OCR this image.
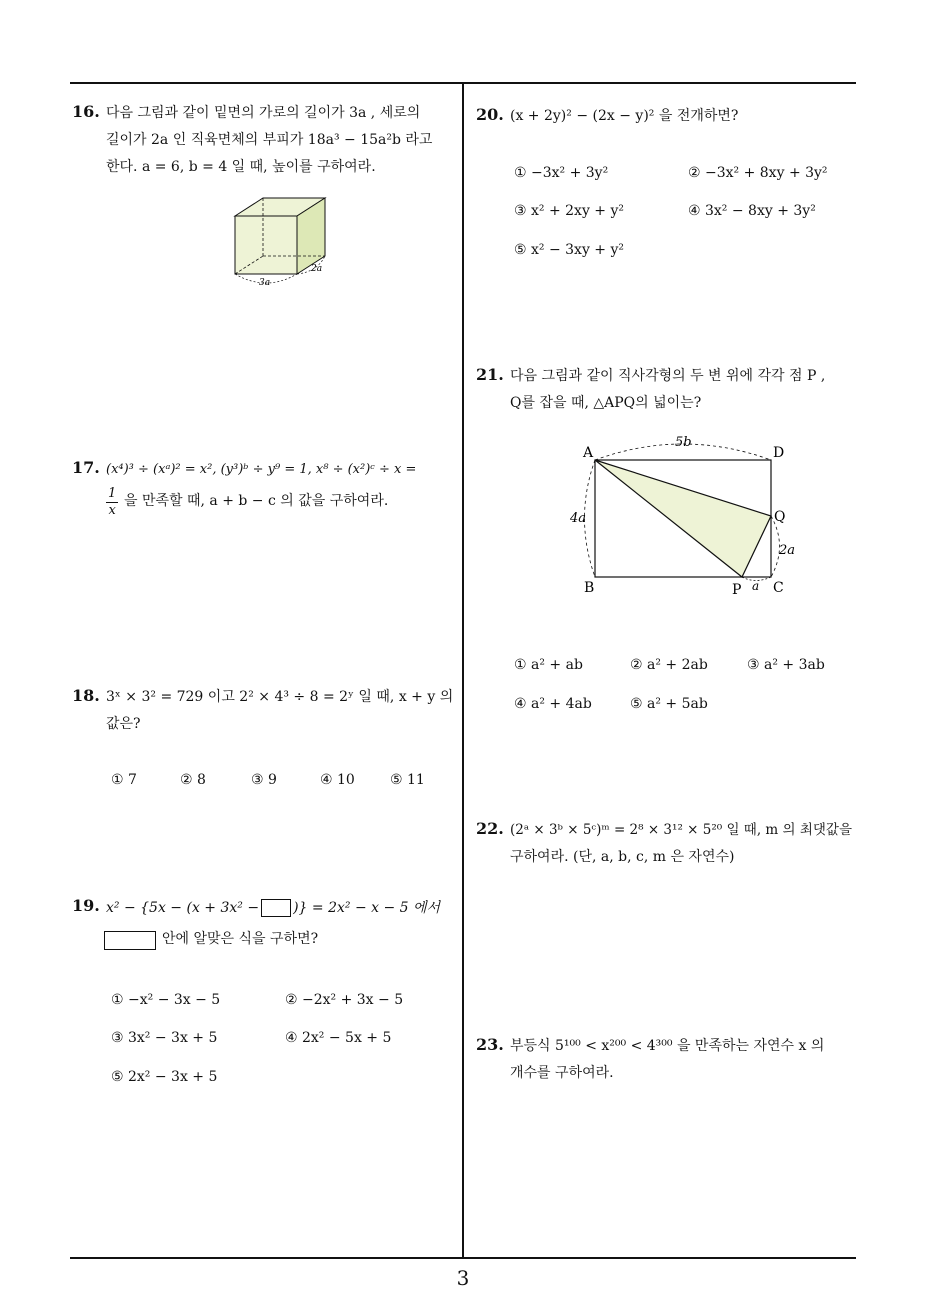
16. 다음 그림과 같이 밑면의 가로의 길이가 3a , 세로의
길이가 2a 인 직육면체의 부피가 18a³ − 15a²b 라고
한다. a = 6, b = 4 일 때, 높이를 구하여라.
3a
2a
17. (x⁴)³ ÷ (xᵃ)² = x², (y³)ᵇ ÷ y⁹ = 1, x⁸ ÷ (x²)ᶜ ÷ x =
$\frac{1}{x}$ 을 만족할 때, a + b − c 의 값을 구하여라.
18. 3ˣ × 3² = 729 이고 2² × 4³ ÷ 8 = 2ʸ 일 때, x + y 의
값은?
① 7	② 8	③ 9	④ 10	⑤ 11
19. x² − {5x − (x + 3x² − )} = 2x² − x − 5 에서
안에 알맞은 식을 구하면?
① −x² − 3x − 5	② −2x² + 3x − 5
③ 3x² − 3x + 5	④ 2x² − 5x + 5
⑤ 2x² − 3x + 5
20. (x + 2y)² − (2x − y)² 을 전개하면?
① −3x² + 3y²	② −3x² + 8xy + 3y²
③ x² + 2xy + y²	④ 3x² − 8xy + 3y²
⑤ x² − 3xy + y²
21. 다음 그림과 같이 직사각형의 두 변 위에 각각 점 P ,
Q를 잡을 때, △APQ의 넓이는?
A	D
B	C
P
Q
5b
4a
2a
a
① a² + ab	② a² + 2ab	③ a² + 3ab
④ a² + 4ab	⑤ a² + 5ab
22. (2ᵃ × 3ᵇ × 5ᶜ)ᵐ = 2⁸ × 3¹² × 5²⁰ 일 때, m 의 최댓값을
구하여라. (단, a, b, c, m 은 자연수)
23. 부등식 5¹⁰⁰ < x²⁰⁰ < 4³⁰⁰ 을 만족하는 자연수 x 의
개수를 구하여라.
3
